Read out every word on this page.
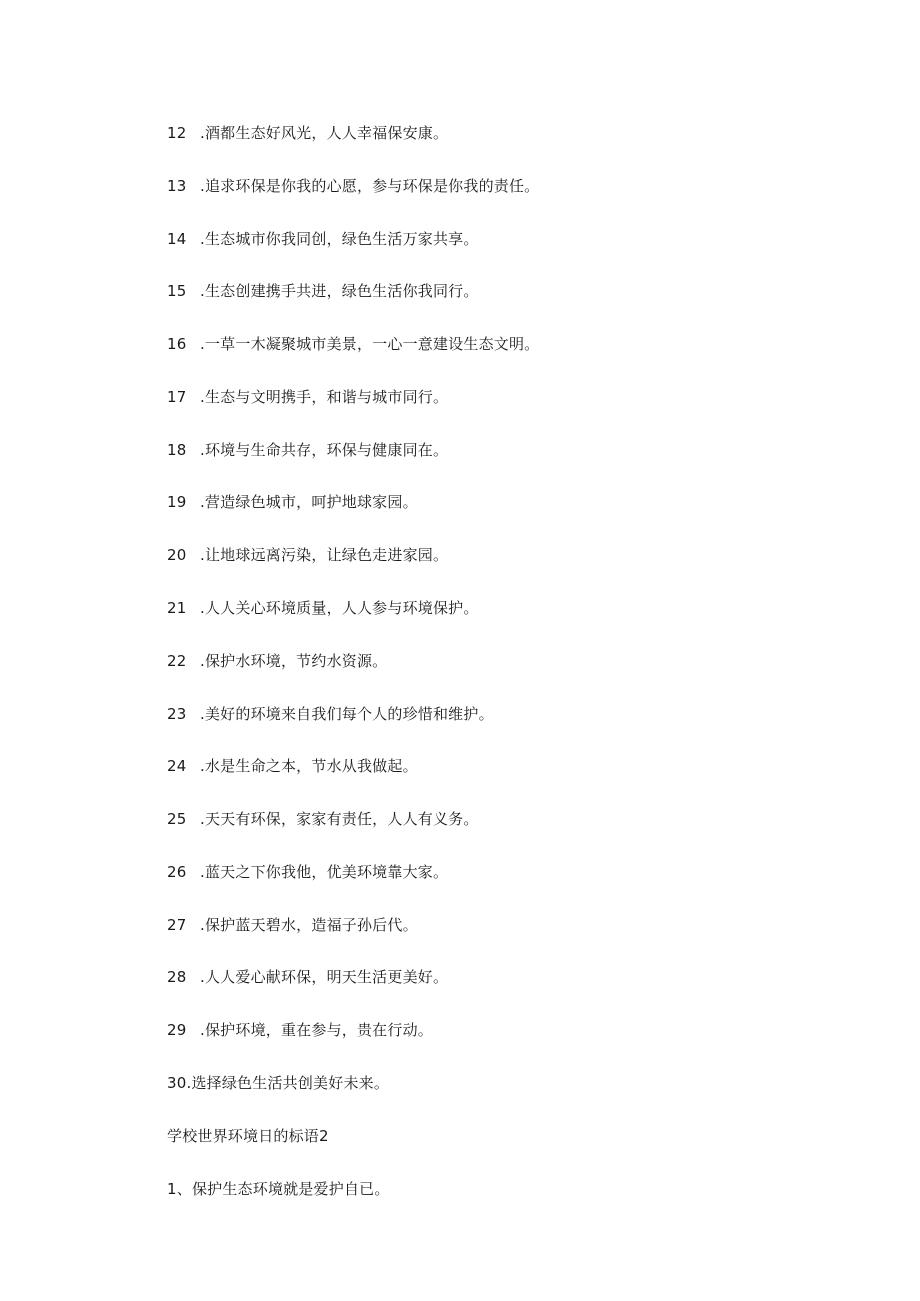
12 .酒都生态好风光，人人幸福保安康。
13 .追求环保是你我的心愿，参与环保是你我的责任。
14 .生态城市你我同创，绿色生活万家共享。
15 .生态创建携手共进，绿色生活你我同行。
16 .一草一木凝聚城市美景，一心一意建设生态文明。
17 .生态与文明携手，和谐与城市同行。
18 .环境与生命共存，环保与健康同在。
19 .营造绿色城市，呵护地球家园。
20 .让地球远离污染，让绿色走进家园。
21 .人人关心环境质量，人人参与环境保护。
22 .保护水环境，节约水资源。
23 .美好的环境来自我们每个人的珍惜和维护。
24 .水是生命之本，节水从我做起。
25 .天天有环保，家家有责任，人人有义务。
26 .蓝天之下你我他，优美环境靠大家。
27 .保护蓝天碧水，造福子孙后代。
28 .人人爱心献环保，明天生活更美好。
29 .保护环境，重在参与，贵在行动。
30.选择绿色生活共创美好未来。
学校世界环境日的标语2
1、保护生态环境就是爱护自已。
